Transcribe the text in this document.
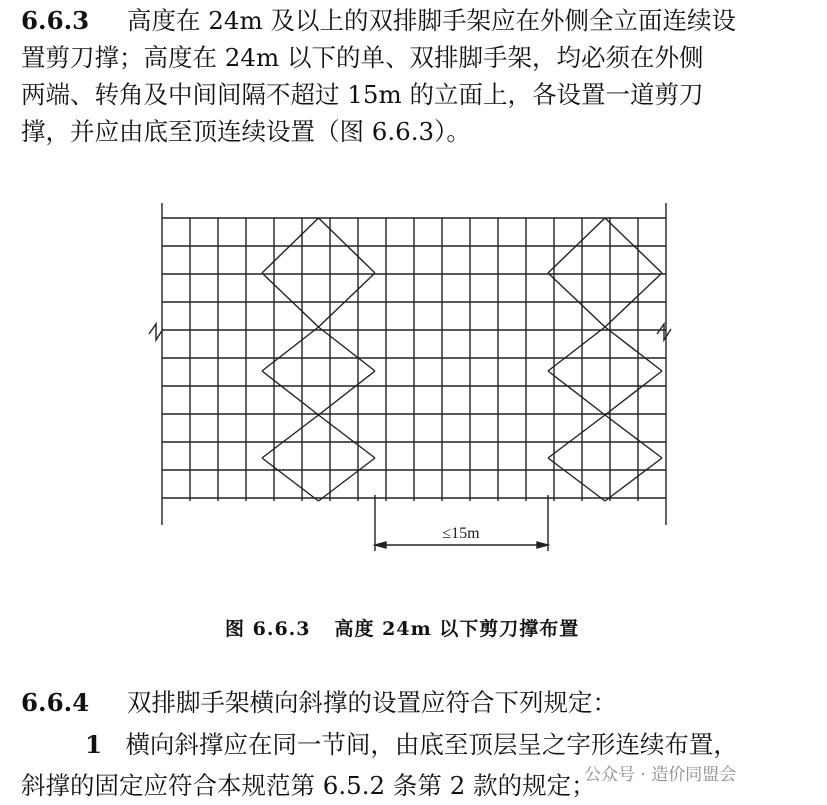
6.6.3 高度在 24m 及以上的双排脚手架应在外侧全立面连续设
置剪刀撑；高度在 24m 以下的单、双排脚手架，均必须在外侧
两端、转角及中间间隔不超过 15m 的立面上，各设置一道剪刀
撑，并应由底至顶连续设置（图 6.6.3）。
≤15m
图 6.6.3 高度 24m 以下剪刀撑布置
6.6.4 双排脚手架横向斜撑的设置应符合下列规定：
1 横向斜撑应在同一节间，由底至顶层呈之字形连续布置，
斜撑的固定应符合本规范第 6.5.2 条第 2 款的规定；
公众号 · 造价同盟会
